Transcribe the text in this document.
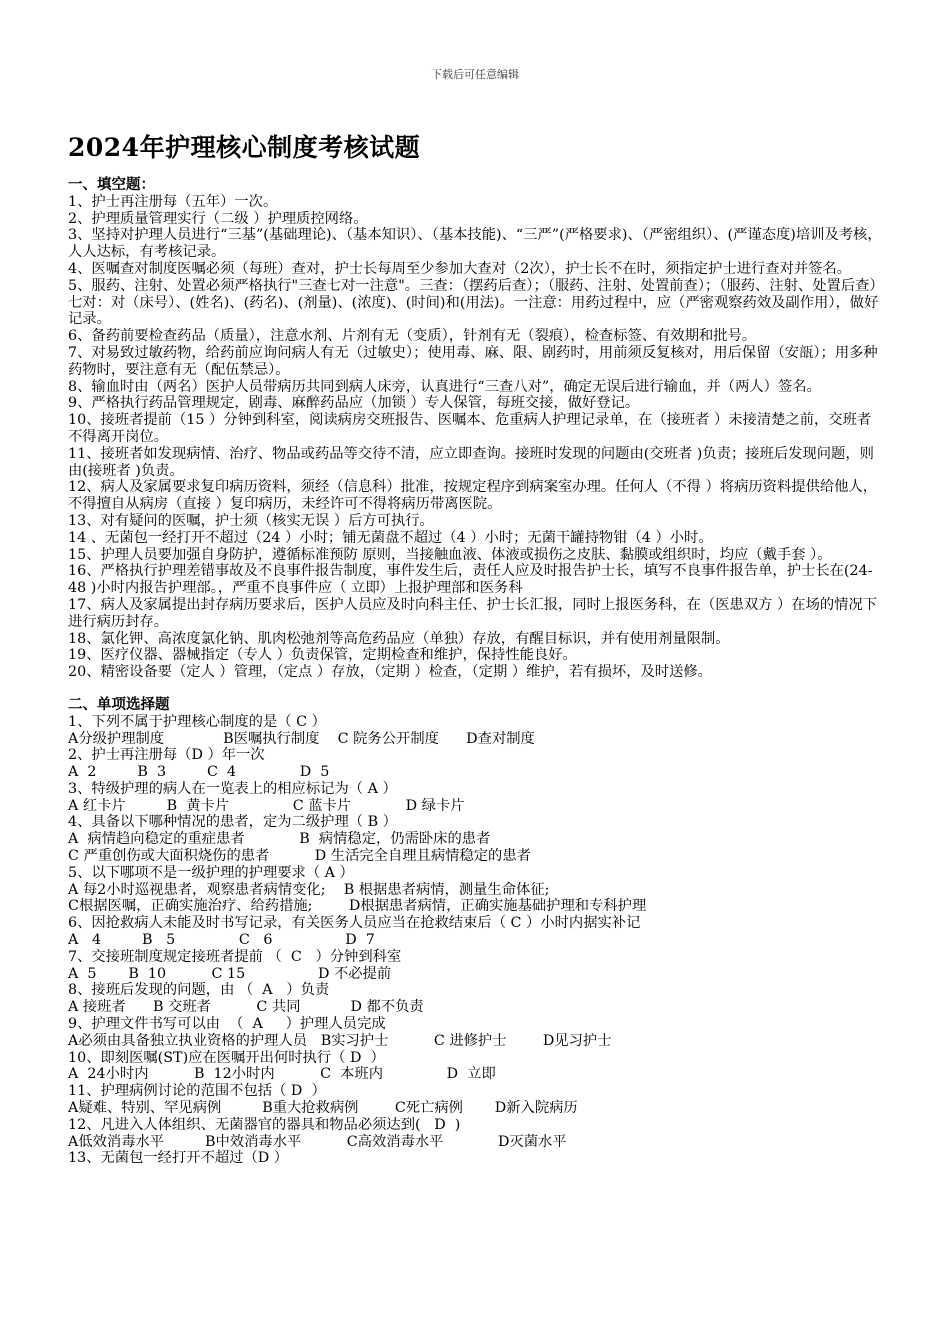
下载后可任意编辑
2024年护理核心制度考核试题
一、填空题：
1、护士再注册每（五年）一次。
2、护理质量管理实行（二级 ）护理质控网络。
3、坚持对护理人员进行“三基”(基础理论)、（基本知识）、（基本技能)、“三严”(严格要求)、（严密组织）、(严谨态度)培训及考核，人人达标，有考核记录。
4、医嘱查对制度医嘱必须（每班）查对，护士长每周至少参加大查对（2次），护士长不在时，须指定护士进行查对并签名。
5、服药、注射、处置必须严格执行"三查七对一注意"。三查：（摆药后查）；（服药、注射、处置前查）；（服药、注射、处置后查）七对：对（床号）、(姓名)、(药名)、(剂量)、(浓度)、(时间)和(用法)。一注意：用药过程中，应（严密观察药效及副作用），做好记录。
6、备药前要检查药品（质量），注意水剂、片剂有无（变质），针剂有无（裂痕），检查标签、有效期和批号。
7、对易致过敏药物，给药前应询问病人有无（过敏史）；使用毒、麻、限、剧药时，用前须反复核对，用后保留（安瓿）；用多种药物时，要注意有无（配伍禁忌）。
8、输血时由（两名）医护人员带病历共同到病人床旁，认真进行“三查八对”，确定无误后进行输血，并（两人）签名。
9、严格执行药品管理规定，剧毒、麻醉药品应（加锁 ）专人保管，每班交接，做好登记。
10、接班者提前（15 ）分钟到科室，阅读病房交班报告、医嘱本、危重病人护理记录单，在（接班者 ）未接清楚之前，交班者不得离开岗位。
11、接班者如发现病情、治疗、物品或药品等交待不清，应立即查询。接班时发现的问题由(交班者 )负责；接班后发现问题，则由(接班者 )负责。
12、病人及家属要求复印病历资料，须经（信息科）批准，按规定程序到病案室办理。任何人（不得 ）将病历资料提供给他人，不得擅自从病房（直接 ）复印病历，未经许可不得将病历带离医院。
13、对有疑问的医嘱，护士须（核实无误 ）后方可执行。
14 、无菌包一经打开不超过（24 ）小时；铺无菌盘不超过（4 ）小时；无菌干罐持物钳（4 ）小时。
15、护理人员要加强自身防护，遵循标准预防 原则，当接触血液、体液或损伤之皮肤、黏膜或组织时，均应（戴手套 ）。
16、严格执行护理差错事故及不良事件报告制度，事件发生后，责任人应及时报告护士长，填写不良事件报告单，护士长在(24-48 )小时内报告护理部。，严重不良事件应（ 立即）上报护理部和医务科
17、病人及家属提出封存病历要求后，医护人员应及时向科主任、护士长汇报，同时上报医务科，在（医患双方 ）在场的情况下进行病历封存。
18、氯化钾、高浓度氯化钠、肌肉松弛剂等高危药品应（单独）存放，有醒目标识，并有使用剂量限制。
19、医疗仪器、器械指定（专人 ）负责保管，定期检查和维护，保持性能良好。
20、精密设备要（定人 ）管理，（定点 ）存放，（定期 ）检查，（定期 ）维护，若有损坏，及时送修。
二、单项选择题
1、下列不属于护理核心制度的是（ C ）
A分级护理制度             B医嘱执行制度    C 院务公开制度      D查对制度
2、护士再注册每（D ）年一次
A  2         B  3         C  4              D  5
3、特级护理的病人在一览表上的相应标记为（ A ）
A 红卡片         B  黄卡片              C 蓝卡片            D 绿卡片
4、具备以下哪种情况的患者，定为二级护理（ B ）
A  病情趋向稳定的重症患者            B  病情稳定，仍需卧床的患者
C 严重创伤或大面积烧伤的患者          D 生活完全自理且病情稳定的患者
5、以下哪项不是一级护理的护理要求（ A ）
A 每2小时巡视患者，观察患者病情变化;    B 根据患者病情，测量生命体征;
C根据医嘱，正确实施治疗、给药措施;        D根据患者病情，正确实施基础护理和专科护理
6、因抢救病人未能及时书写记录，有关医务人员应当在抢救结束后（ C ）小时内据实补记
A   4         B   5              C   6                D  7
7、交接班制度规定接班者提前 （  C   ）分钟到科室
A  5       B  10          C 15                D 不必提前
8、接班后发现的问题，由 （  A   ）负责
A 接班者      B 交班者          C 共同           D 都不负责
9、护理文件书写可以由  （  A     ）护理人员完成
A必须由具备独立执业资格的护理人员   B实习护士          C 进修护士        D见习护士
10、即刻医嘱(ST)应在医嘱开出何时执行（ D  ）
A  24小时内          B  12小时内          C  本班内              D  立即
11、护理病例讨论的范围不包括（ D  ）
A疑难、特别、罕见病例         B重大抢救病例        C死亡病例       D新入院病历
12、凡进入人体组织、无菌器官的器具和物品必须达到(   D  )
A低效消毒水平         B中效消毒水平          C高效消毒水平            D灭菌水平
13、无菌包一经打开不超过（D ）
